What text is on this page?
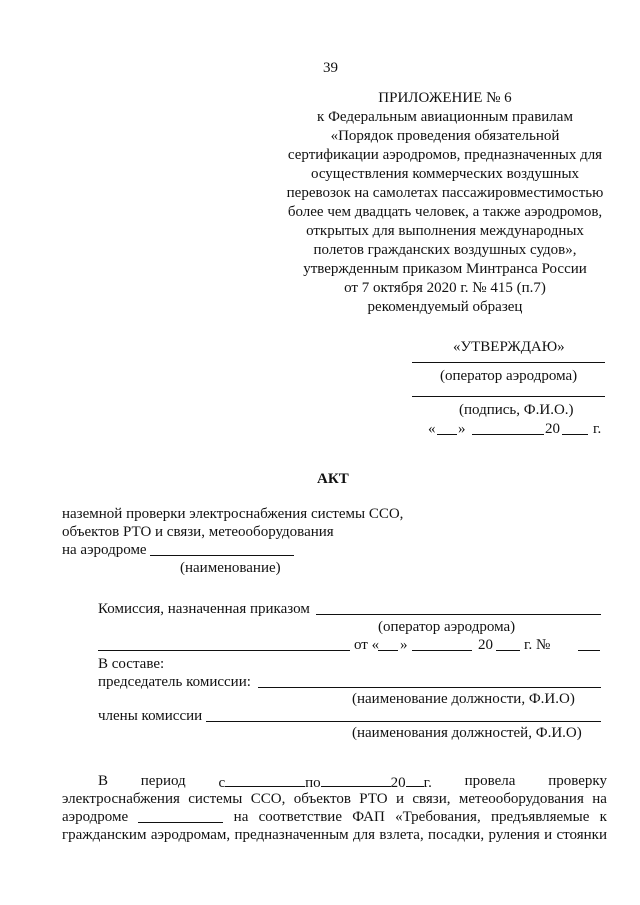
39
ПРИЛОЖЕНИЕ № 6
к Федеральным авиационным правилам
«Порядок проведения обязательной
сертификации аэродромов, предназначенных для
осуществления коммерческих воздушных
перевозок на самолетах пассажировместимостью
более чем двадцать человек, а также аэродромов,
открытых для выполнения международных
полетов гражданских воздушных судов»,
утвержденным приказом Минтранса России
от 7 октября 2020 г. № 415 (п.7)
рекомендуемый образец
«УТВЕРЖДАЮ»
(оператор аэродрома)
(подпись, Ф.И.О.)
« »	20 г.
АКТ
наземной проверки электроснабжения системы ССО,
объектов РТО и связи, метеооборудования
на аэродроме
(наименование)
Комиссия, назначенная приказом
(оператор аэродрома)
от « »	20 г. №
В составе:
председатель комиссии:
(наименование должности, Ф.И.О)
члены комиссии
(наименования должностей, Ф.И.О)
В период с	по	20 г. провела проверку
электроснабжения системы ССО, объектов РТО и связи, метеооборудования на
аэродроме	на соответствие ФАП «Требования, предъявляемые к
гражданским аэродромам, предназначенным для взлета, посадки, руления и стоянки
